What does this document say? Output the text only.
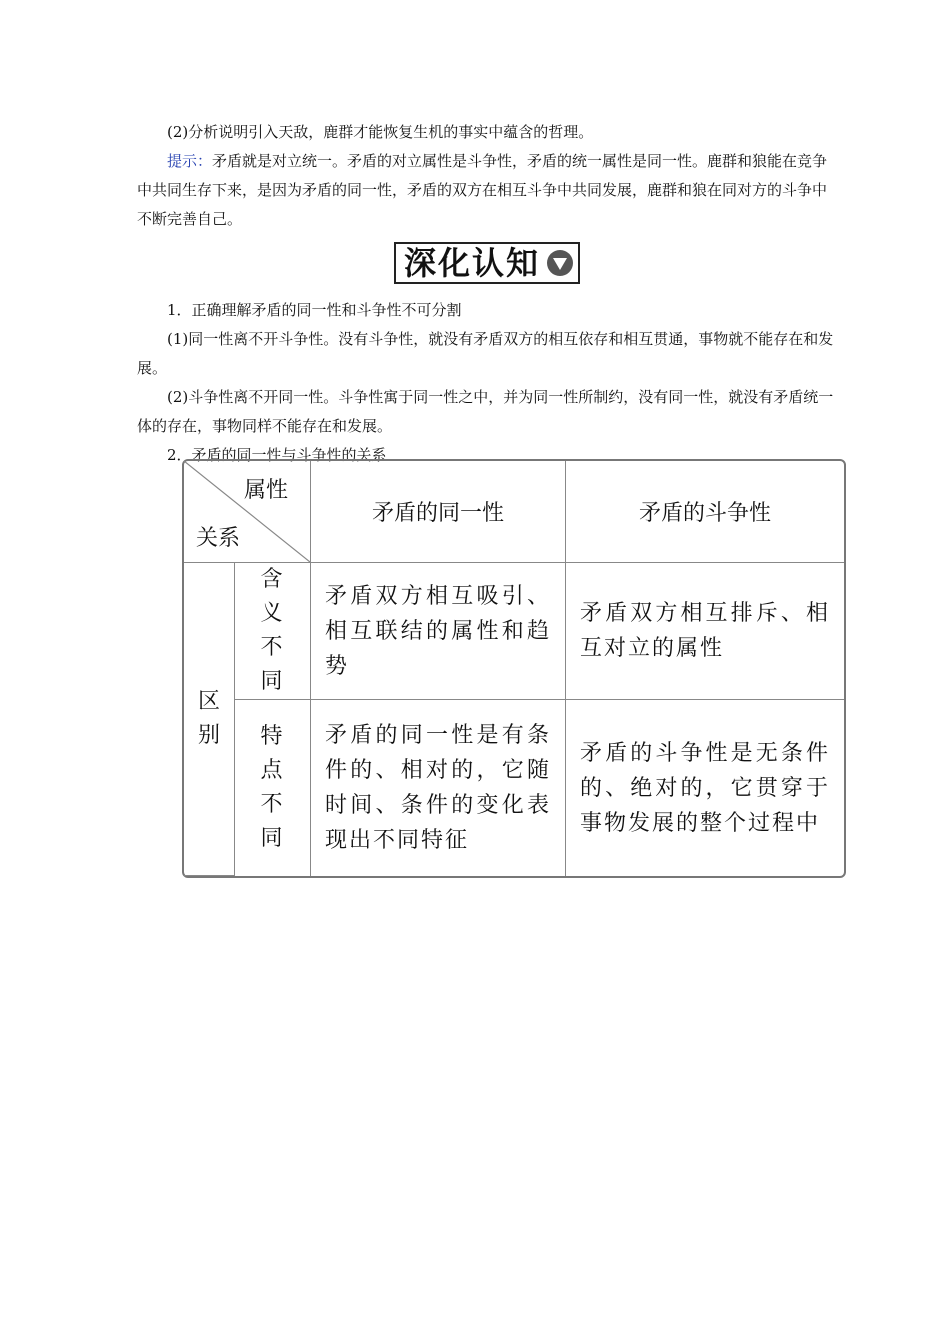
(2)分析说明引入天敌，鹿群才能恢复生机的事实中蕴含的哲理。

提示：矛盾就是对立统一。矛盾的对立属性是斗争性，矛盾的统一属性是同一性。鹿群和狼能在竞争中共同生存下来，是因为矛盾的同一性，矛盾的双方在相互斗争中共同发展，鹿群和狼在同对方的斗争中不断完善自己。

深化认知

1．正确理解矛盾的同一性和斗争性不可分割

(1)同一性离不开斗争性。没有斗争性，就没有矛盾双方的相互依存和相互贯通，事物就不能存在和发展。

(2)斗争性离不开同一性。斗争性寓于同一性之中，并为同一性所制约，没有同一性，就没有矛盾统一体的存在，事物同样不能存在和发展。

2．矛盾的同一性与斗争性的关系

属性
关系		矛盾的同一性	矛盾的斗争性

区别	含义不同	矛盾双方相互吸引、相互联结的属性和趋势	矛盾双方相互排斥、相互对立的属性

	特点不同	矛盾的同一性是有条件的、相对的，它随时间、条件的变化表现出不同特征	矛盾的斗争性是无条件的、绝对的，它贯穿于事物发展的整个过程中
